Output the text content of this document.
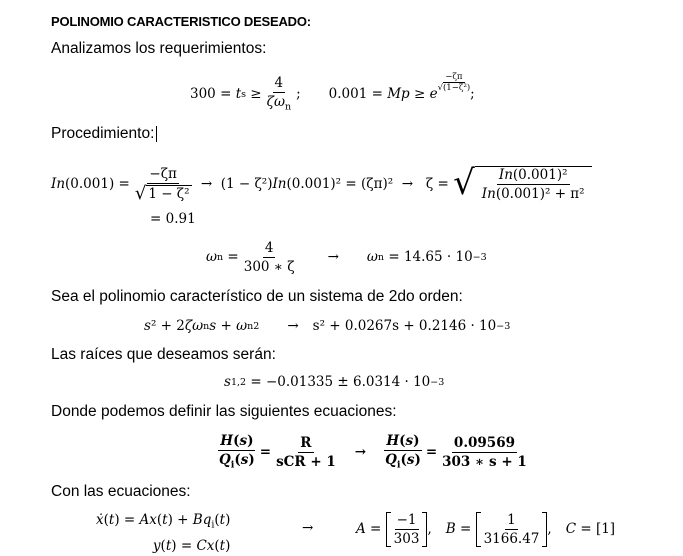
POLINOMIO CARACTERISTICO DESEADO:
Analizamos los requerimientos:
300 = t $s \ge \frac{4}{\zeta\omega_n}$ ; 0.001 = Mp ≥ e
−ζπ
√(1−ζ²) ;
Procedimiento:
In $(0.001) = \frac{-\zeta\pi}{\text{√ 1 − ζ²}} \to (1 - \zeta^2)$ In (0.001)² = (ζπ)²  →   ζ = √ $\frac{\text{In(0.001)²}}{\text{In(0.001)² + π²}}$
= 0.91
ω $n = \frac{4}{300 ∗ \zeta} \to \omega$ n = 14.65 · 10 −3
Sea el polinomio característico de un sistema de 2do orden:
s ² + 2 ζω n s + ω n 2 → s² + 0.0267s + 0.2146 · 10 −3
Las raíces que deseamos serán:
s 1,2
= −0.01335 ± 6.0314 · 10 −3
Donde podemos definir las siguientes ecuaciones:
$\frac{H(s)}{Q_i(s)} = \frac{R}{\text{sCR + 1}} \to \frac{H(s)}{Q_i(s)} = \frac{0.09569}{303 ∗ s + 1}$
Con las ecuaciones:
ẋ(t) = $Ax(t) + Bq_i(t)$
y(t) = Cx(t)
→	$A = \frac{-1}{303}$ , $B = \frac{1}{3166.47}$ , C = [1]
